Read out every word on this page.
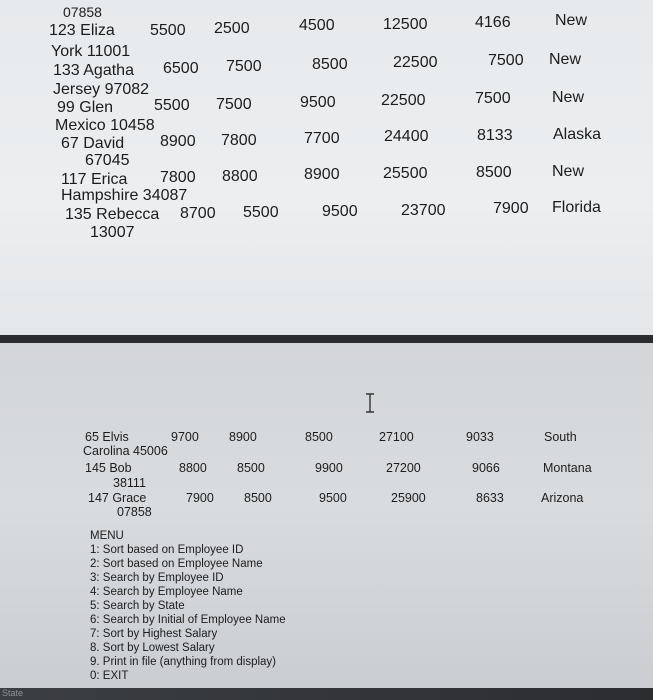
07858
123 Eliza 5500 2500	4500	12500	4166	New
York 11001
133 Agatha 6500 7500	8500	22500	7500 New
Jersey 97082
99 Glen	5500 7500	9500	22500	7500	New
Mexico 10458
67 David 8900 7800	7700	24400	8133	Alaska
67045
117 Erica 7800 8800	8900	25500	8500	New
Hampshire 34087
135 Rebecca 8700 5500	9500	23700	7900 Florida
13007
65 Elvis	9700 8900	8500	27100	9033	South
Carolina 45006
145 Bob	8800 8500	9900	27200	9066	Montana
38111
147 Grace	7900 8500	9500	25900	8633	Arizona
07858
MENU
1: Sort based on Employee ID
2: Sort based on Employee Name
3: Search by Employee ID
4: Search by Employee Name
5: Search by State
6: Search by Initial of Employee Name
7: Sort by Highest Salary
8. Sort by Lowest Salary
9. Print in file (anything from display)
0: EXIT
State
